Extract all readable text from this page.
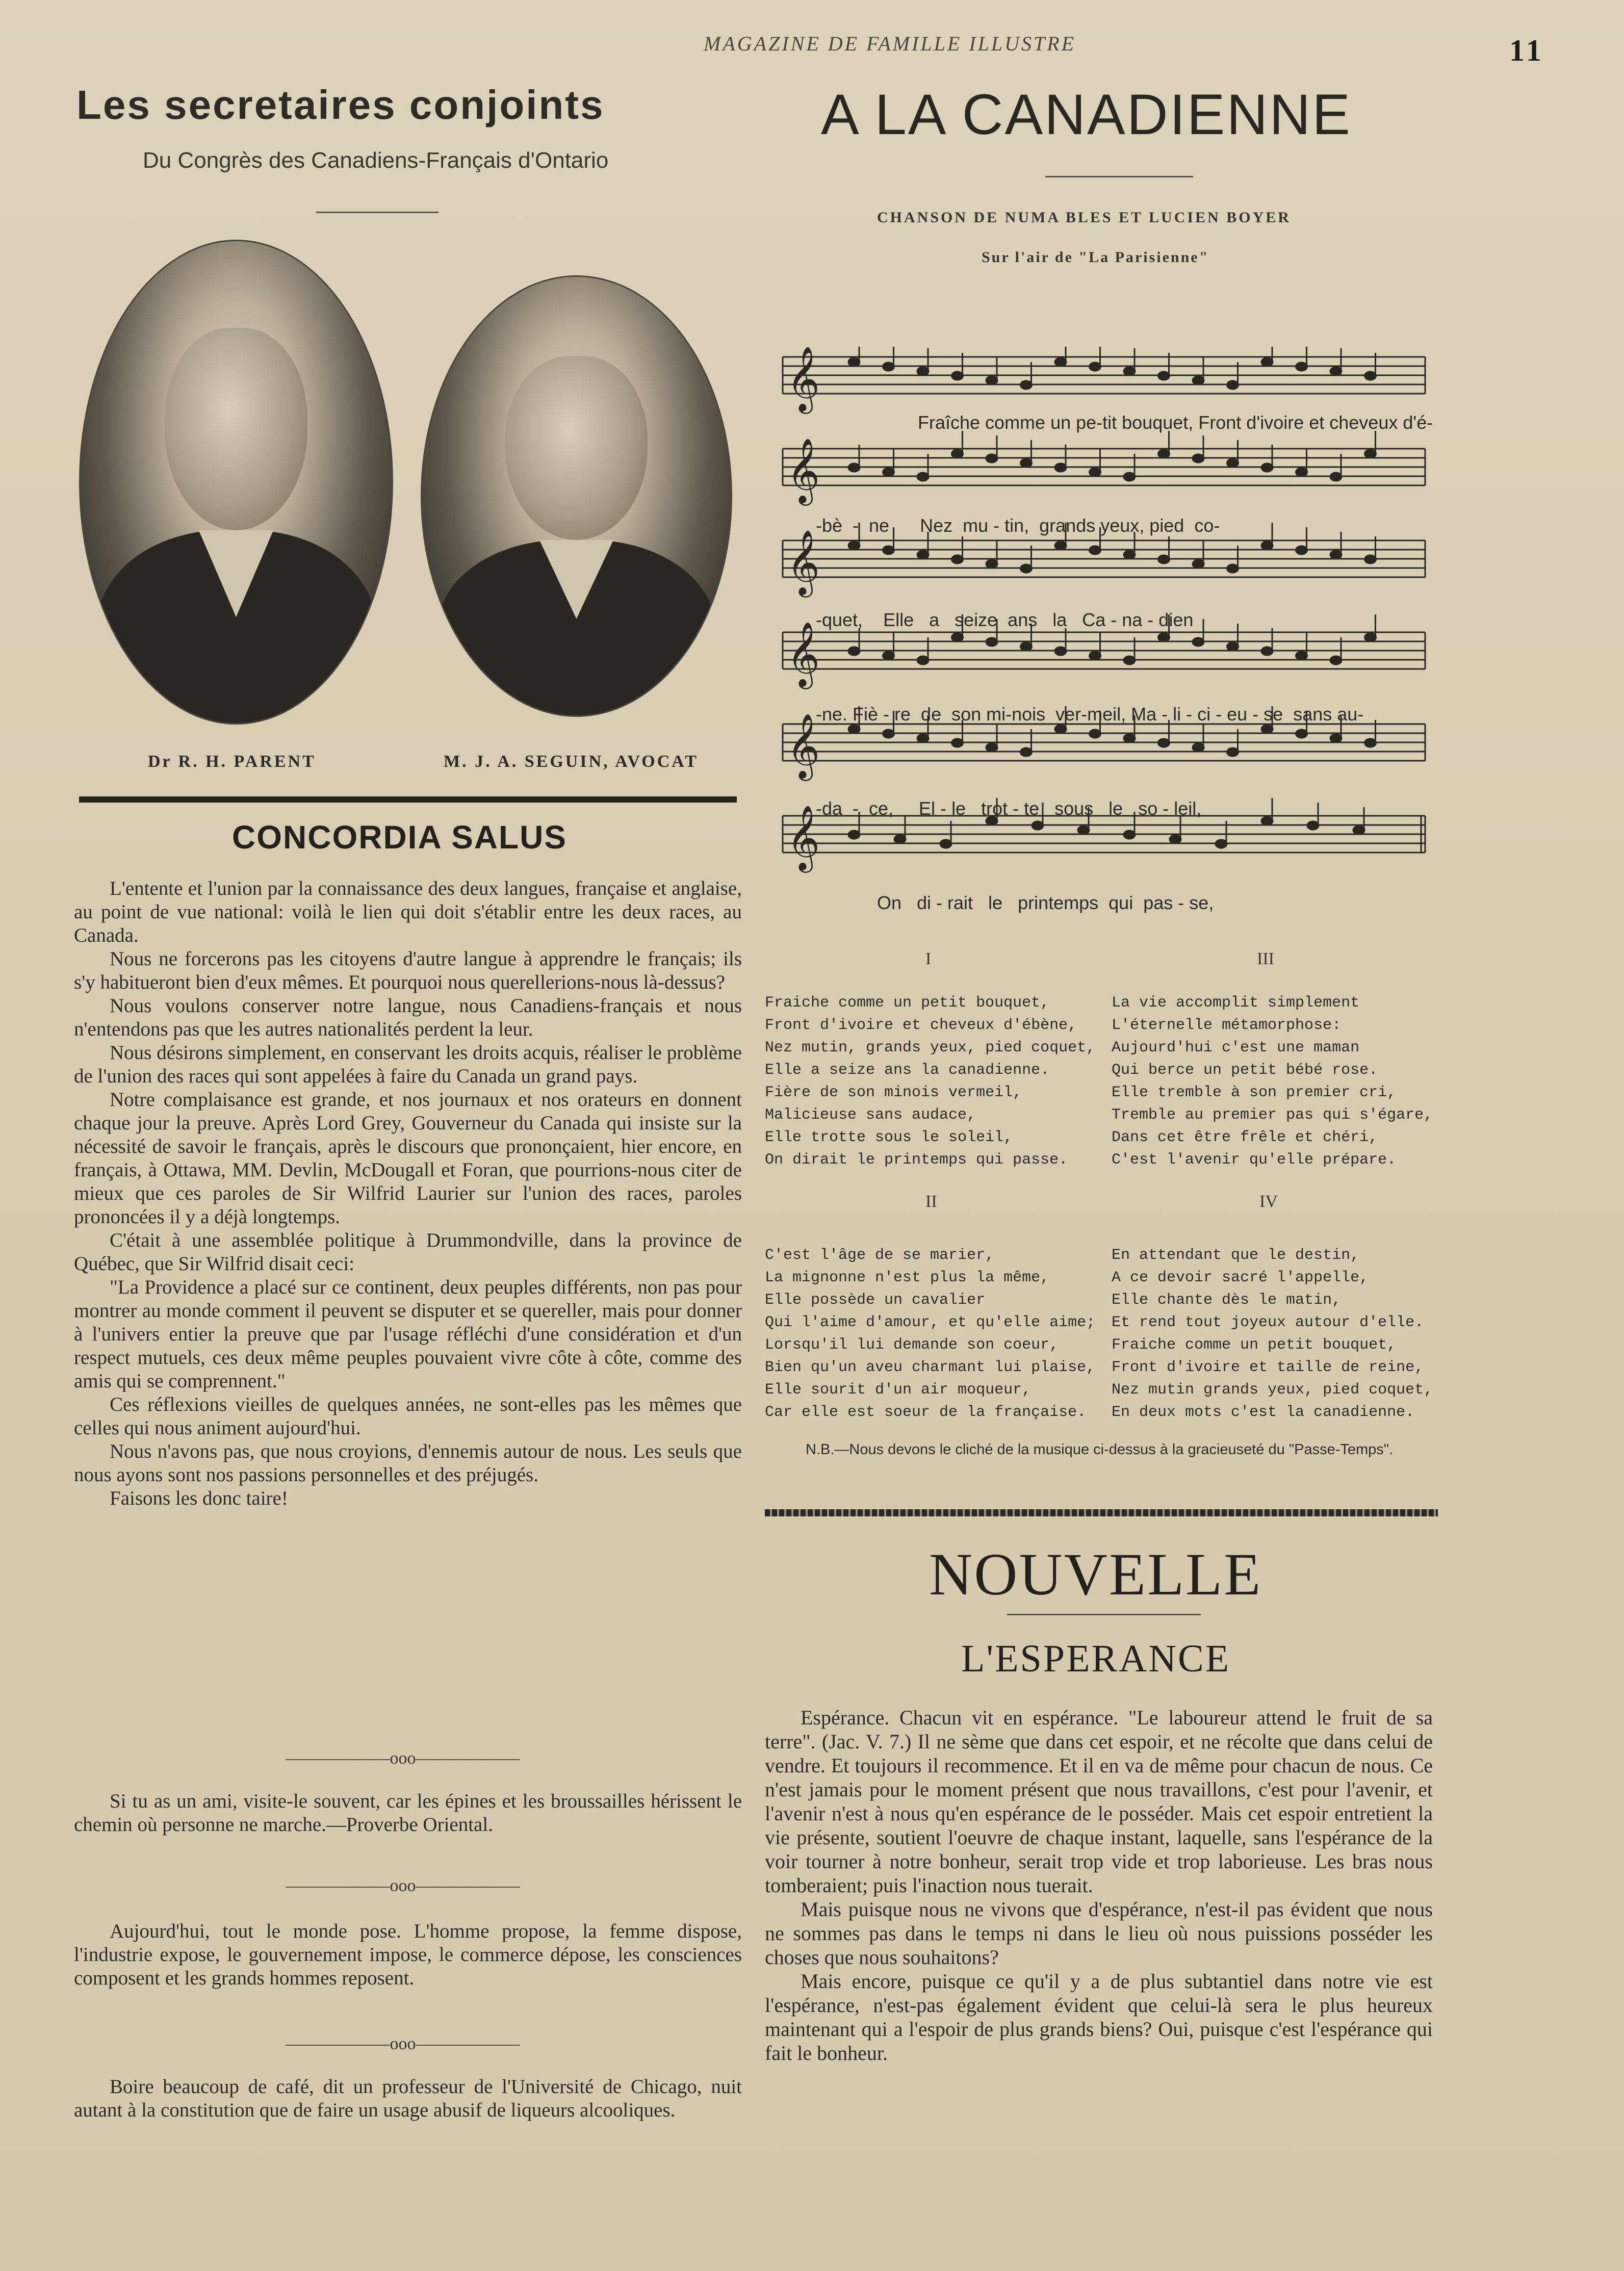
MAGAZINE DE FAMILLE ILLUSTRE	11
Les secretaires conjoints
Du Congrès des Canadiens-Français d'Ontario
Dr R. H. PARENT	M. J. A. SEGUIN, AVOCAT
CONCORDIA SALUS

L'entente et l'union par la connaissance des deux langues, française et anglaise, au point de vue national: voilà le lien qui doit s'établir entre les deux races, au Canada.

Nous ne forcerons pas les citoyens d'autre langue à apprendre le français; ils s'y habitueront bien d'eux mêmes. Et pourquoi nous querellerions-nous là-dessus?

Nous voulons conserver notre langue, nous Canadiens-français et nous n'entendons pas que les autres nationalités perdent la leur.

Nous désirons simplement, en conservant les droits acquis, réaliser le problème de l'union des races qui sont appelées à faire du Canada un grand pays.

Notre complaisance est grande, et nos journaux et nos orateurs en donnent chaque jour la preuve. Après Lord Grey, Gouverneur du Canada qui insiste sur la nécessité de savoir le français, après le discours que prononçaient, hier encore, en français, à Ottawa, MM. Devlin, McDougall et Foran, que pourrions-nous citer de mieux que ces paroles de Sir Wilfrid Laurier sur l'union des races, paroles prononcées il y a déjà longtemps.

C'était à une assemblée politique à Drummondville, dans la province de Québec, que Sir Wilfrid disait ceci:

"La Providence a placé sur ce continent, deux peuples différents, non pas pour montrer au monde comment il peuvent se disputer et se quereller, mais pour donner à l'univers entier la preuve que par l'usage réfléchi d'une considération et d'un respect mutuels, ces deux même peuples pouvaient vivre côte à côte, comme des amis qui se comprennent."

Ces réflexions vieilles de quelques années, ne sont-elles pas les mêmes que celles qui nous animent aujourd'hui.

Nous n'avons pas, que nous croyions, d'ennemis autour de nous. Les seuls que nous ayons sont nos passions personnelles et des préjugés.

Faisons les donc taire!

——————ooo——————

Si tu as un ami, visite-le souvent, car les épines et les broussailles hérissent le chemin où personne ne marche.—Proverbe Oriental.

——————ooo——————

Aujourd'hui, tout le monde pose. L'homme propose, la femme dispose, l'industrie expose, le gouvernement impose, le commerce dépose, les consciences composent et les grands hommes reposent.

——————ooo——————

Boire beaucoup de café, dit un professeur de l'Université de Chicago, nuit autant à la constitution que de faire un usage abusif de liqueurs alcooliques.

A LA CANADIENNE
CHANSON DE NUMA BLES ET LUCIEN BOYER
Sur l'air de "La Parisienne"
𝄞
𝄞
𝄞
𝄞
𝄞
𝄞
Fraîche comme un pe-tit bouquet, Front d'ivoire et cheveux d'é-
-bè  -  ne      Nez  mu - tin,  grands yeux, pied  co-
-quet,    Elle   a   seize  ans   la   Ca - na - dien
-ne. Fiè - re  de  son mi-nois  ver-meil, Ma - li - ci - eu - se  sans au-
-da  -  ce,     El - le   trot - te   sous   le   so - leil,
On   di - rait   le   printemps  qui  pas - se,
I	III
Fraiche comme un petit bouquet,
Front d'ivoire et cheveux d'ébène,
Nez mutin, grands yeux, pied coquet,
Elle a seize ans la canadienne.
Fière de son minois vermeil,
Malicieuse sans audace,
Elle trotte sous le soleil,
On dirait le printemps qui passe.
La vie accomplit simplement
L'éternelle métamorphose:
Aujourd'hui c'est une maman
Qui berce un petit bébé rose.
Elle tremble à son premier cri,
Tremble au premier pas qui s'égare,
Dans cet être frêle et chéri,
C'est l'avenir qu'elle prépare.
II	IV
C'est l'âge de se marier,
La mignonne n'est plus la même,
Elle possède un cavalier
Qui l'aime d'amour, et qu'elle aime;
Lorsqu'il lui demande son coeur,
Bien qu'un aveu charmant lui plaise,
Elle sourit d'un air moqueur,
Car elle est soeur de la française.
En attendant que le destin,
A ce devoir sacré l'appelle,
Elle chante dès le matin,
Et rend tout joyeux autour d'elle.
Fraiche comme un petit bouquet,
Front d'ivoire et taille de reine,
Nez mutin grands yeux, pied coquet,
En deux mots c'est la canadienne.
N.B.—Nous devons le cliché de la musique ci-dessus à la gracieuseté du "Passe-Temps".
NOUVELLE
L'ESPERANCE

Espérance. Chacun vit en espérance. "Le laboureur attend le fruit de sa terre". (Jac. V. 7.) Il ne sème que dans cet espoir, et ne récolte que dans celui de vendre. Et toujours il recommence. Et il en va de même pour chacun de nous. Ce n'est jamais pour le moment présent que nous travaillons, c'est pour l'avenir, et l'avenir n'est à nous qu'en espérance de le posséder. Mais cet espoir entretient la vie présente, soutient l'oeuvre de chaque instant, laquelle, sans l'espérance de la voir tourner à notre bonheur, serait trop vide et trop laborieuse. Les bras nous tomberaient; puis l'inaction nous tuerait.

Mais puisque nous ne vivons que d'espérance, n'est-il pas évident que nous ne sommes pas dans le temps ni dans le lieu où nous puissions posséder les choses que nous souhaitons?

Mais encore, puisque ce qu'il y a de plus subtantiel dans notre vie est l'espérance, n'est-pas également évident que celui-là sera le plus heureux maintenant qui a l'espoir de plus grands biens? Oui, puisque c'est l'espérance qui fait le bonheur.
